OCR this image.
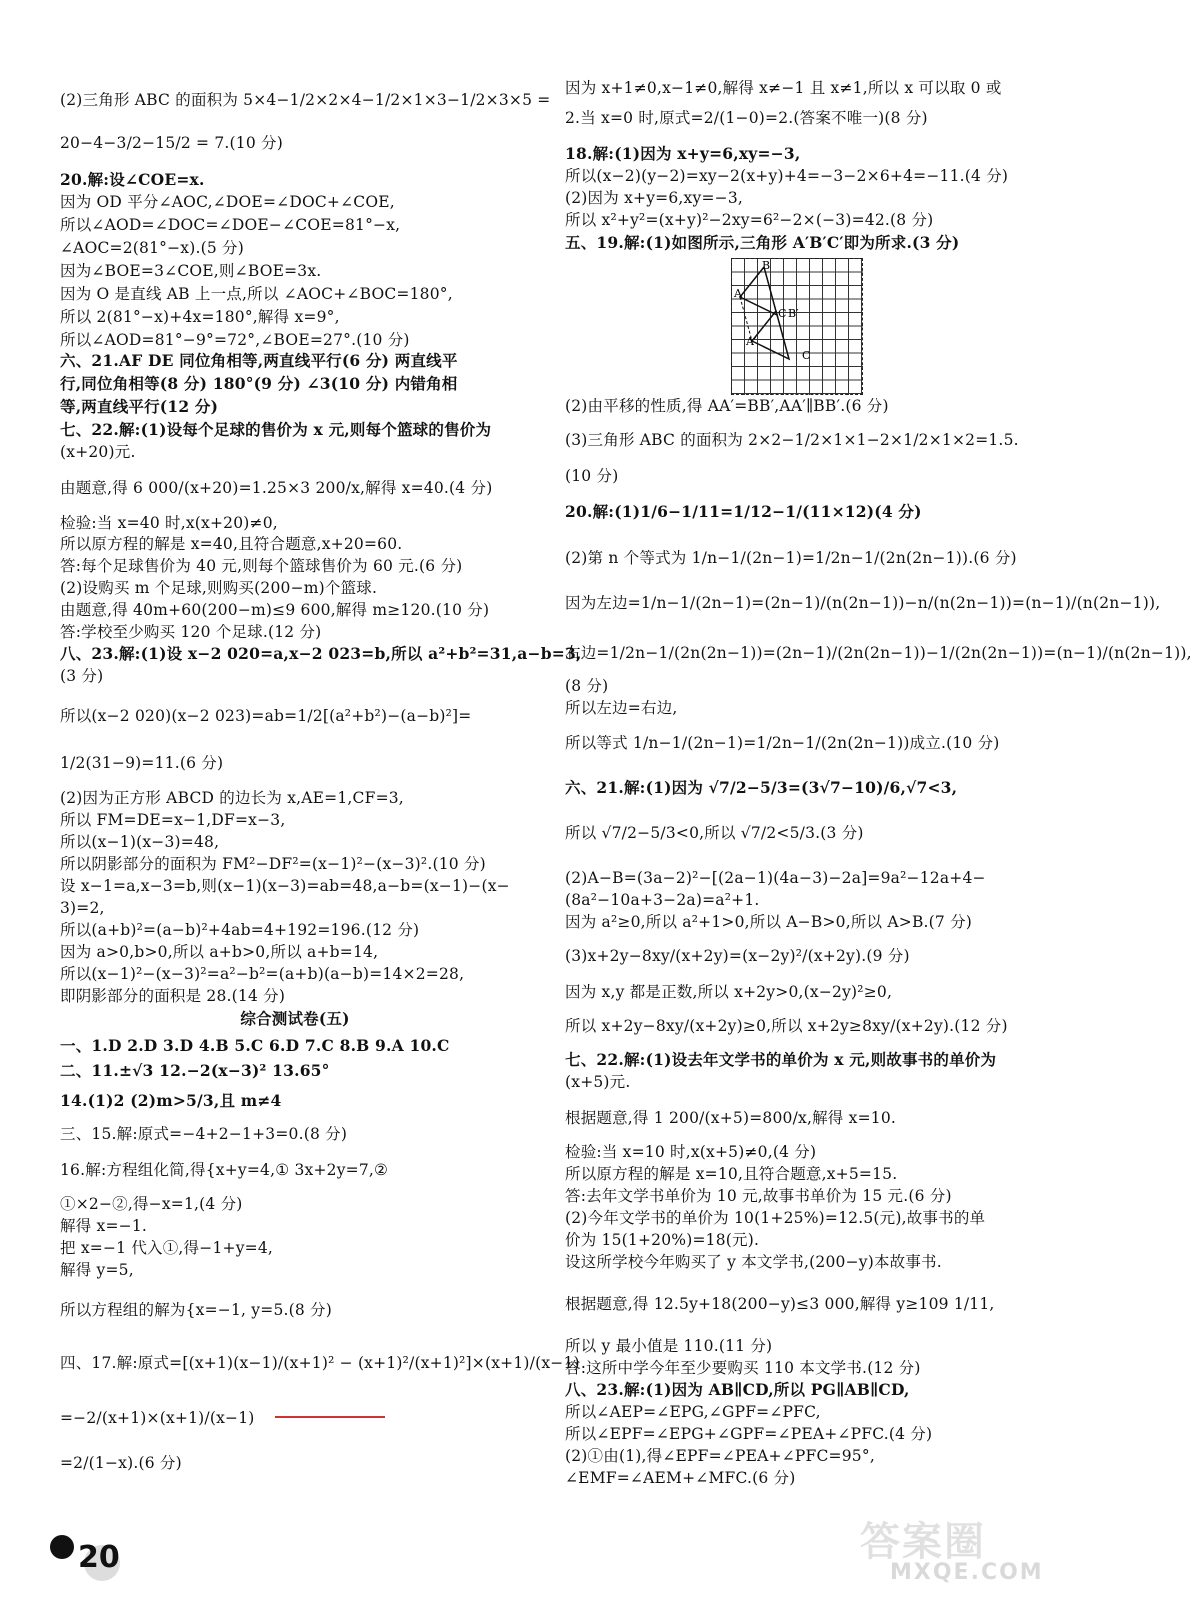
(2)三角形 ABC 的面积为 5×4−1/2×2×4−1/2×1×3−1/2×3×5 =
20−4−3/2−15/2 = 7.(10 分)
20.解:设∠COE=x.
因为 OD 平分∠AOC,∠DOE=∠DOC+∠COE,
所以∠AOD=∠DOC=∠DOE−∠COE=81°−x,
∠AOC=2(81°−x).(5 分)
因为∠BOE=3∠COE,则∠BOE=3x.
因为 O 是直线 AB 上一点,所以 ∠AOC+∠BOC=180°,
所以 2(81°−x)+4x=180°,解得 x=9°,
所以∠AOD=81°−9°=72°,∠BOE=27°.(10 分)
六、21.AF DE 同位角相等,两直线平行(6 分) 两直线平
行,同位角相等(8 分) 180°(9 分) ∠3(10 分) 内错角相
等,两直线平行(12 分)
七、22.解:(1)设每个足球的售价为 x 元,则每个篮球的售价为
(x+20)元.
由题意,得 6 000/(x+20)=1.25×3 200/x,解得 x=40.(4 分)
检验:当 x=40 时,x(x+20)≠0,
所以原方程的解是 x=40,且符合题意,x+20=60.
答:每个足球售价为 40 元,则每个篮球售价为 60 元.(6 分)
(2)设购买 m 个足球,则购买(200−m)个篮球.
由题意,得 40m+60(200−m)≤9 600,解得 m≥120.(10 分)
答:学校至少购买 120 个足球.(12 分)
八、23.解:(1)设 x−2 020=a,x−2 023=b,所以 a²+b²=31,a−b=3,
(3 分)
所以(x−2 020)(x−2 023)=ab=1/2[(a²+b²)−(a−b)²]=
1/2(31−9)=11.(6 分)
(2)因为正方形 ABCD 的边长为 x,AE=1,CF=3,
所以 FM=DE=x−1,DF=x−3,
所以(x−1)(x−3)=48,
所以阴影部分的面积为 FM²−DF²=(x−1)²−(x−3)².(10 分)
设 x−1=a,x−3=b,则(x−1)(x−3)=ab=48,a−b=(x−1)−(x−
3)=2,
所以(a+b)²=(a−b)²+4ab=4+192=196.(12 分)
因为 a>0,b>0,所以 a+b>0,所以 a+b=14,
所以(x−1)²−(x−3)²=a²−b²=(a+b)(a−b)=14×2=28,
即阴影部分的面积是 28.(14 分)
综合测试卷(五)
一、1.D 2.D 3.D 4.B 5.C 6.D 7.C 8.B 9.A 10.C
二、11.±√3 12.−2(x−3)² 13.65°
14.(1)2 (2)m>5/3,且 m≠4
三、15.解:原式=−4+2−1+3=0.(8 分)
16.解:方程组化简,得{x+y=4,① 3x+2y=7,②
①×2−②,得−x=1,(4 分)
解得 x=−1.
把 x=−1 代入①,得−1+y=4,
解得 y=5,
所以方程组的解为{x=−1, y=5.(8 分)
四、17.解:原式=[(x+1)(x−1)/(x+1)² − (x+1)²/(x+1)²]×(x+1)/(x−1)
=−2/(x+1)×(x+1)/(x−1)
=2/(1−x).(6 分)
因为 x+1≠0,x−1≠0,解得 x≠−1 且 x≠1,所以 x 可以取 0 或
2.当 x=0 时,原式=2/(1−0)=2.(答案不唯一)(8 分)
18.解:(1)因为 x+y=6,xy=−3,
所以(x−2)(y−2)=xy−2(x+y)+4=−3−2×6+4=−11.(4 分)
(2)因为 x+y=6,xy=−3,
所以 x²+y²=(x+y)²−2xy=6²−2×(−3)=42.(8 分)
五、19.解:(1)如图所示,三角形 A′B′C′即为所求.(3 分)
(2)由平移的性质,得 AA′=BB′,AA′∥BB′.(6 分)
(3)三角形 ABC 的面积为 2×2−1/2×1×1−2×1/2×1×2=1.5.
(10 分)
20.解:(1)1/6−1/11=1/12−1/(11×12)(4 分)
(2)第 n 个等式为 1/n−1/(2n−1)=1/2n−1/(2n(2n−1)).(6 分)
因为左边=1/n−1/(2n−1)=(2n−1)/(n(2n−1))−n/(n(2n−1))=(n−1)/(n(2n−1)),
右边=1/2n−1/(2n(2n−1))=(2n−1)/(2n(2n−1))−1/(2n(2n−1))=(n−1)/(n(2n−1)),
(8 分)
所以左边=右边,
所以等式 1/n−1/(2n−1)=1/2n−1/(2n(2n−1))成立.(10 分)
六、21.解:(1)因为 √7/2−5/3=(3√7−10)/6,√7<3,
所以 √7/2−5/3<0,所以 √7/2<5/3.(3 分)
(2)A−B=(3a−2)²−[(2a−1)(4a−3)−2a]=9a²−12a+4−
(8a²−10a+3−2a)=a²+1.
因为 a²≥0,所以 a²+1>0,所以 A−B>0,所以 A>B.(7 分)
(3)x+2y−8xy/(x+2y)=(x−2y)²/(x+2y).(9 分)
因为 x,y 都是正数,所以 x+2y>0,(x−2y)²≥0,
所以 x+2y−8xy/(x+2y)≥0,所以 x+2y≥8xy/(x+2y).(12 分)
七、22.解:(1)设去年文学书的单价为 x 元,则故事书的单价为
(x+5)元.
根据题意,得 1 200/(x+5)=800/x,解得 x=10.
检验:当 x=10 时,x(x+5)≠0,(4 分)
所以原方程的解是 x=10,且符合题意,x+5=15.
答:去年文学书单价为 10 元,故事书单价为 15 元.(6 分)
(2)今年文学书的单价为 10(1+25%)=12.5(元),故事书的单
价为 15(1+20%)=18(元).
设这所学校今年购买了 y 本文学书,(200−y)本故事书.
根据题意,得 12.5y+18(200−y)≤3 000,解得 y≥109 1/11,
所以 y 最小值是 110.(11 分)
答:这所中学今年至少要购买 110 本文学书.(12 分)
八、23.解:(1)因为 AB∥CD,所以 PG∥AB∥CD,
所以∠AEP=∠EPG,∠GPF=∠PFC,
所以∠EPF=∠EPG+∠GPF=∠PEA+∠PFC.(4 分)
(2)①由(1),得∠EPF=∠PEA+∠PFC=95°,
∠EMF=∠AEM+∠MFC.(6 分)
B
A
C B′
A′
C
20	答案圈
MXQE.COM
